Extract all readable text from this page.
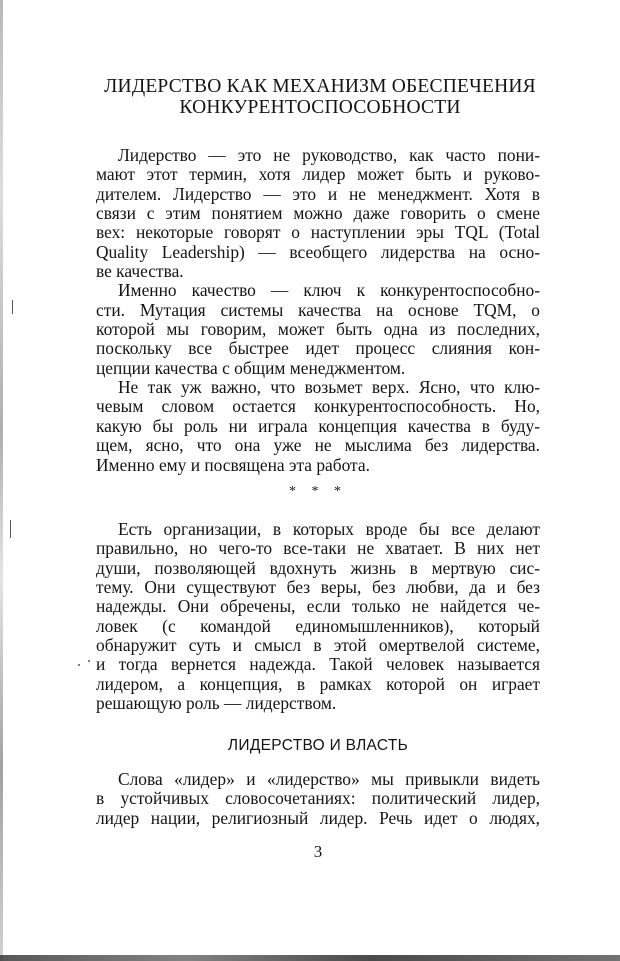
ЛИДЕРСТВО КАК МЕХАНИЗМ ОБЕСПЕЧЕНИЯ
КОНКУРЕНТОСПОСОБНОСТИ
Лидерство — это не руководство, как часто пони-
мают этот термин, хотя лидер может быть и руково-
дителем. Лидерство — это и не менеджмент. Хотя в
связи с этим понятием можно даже говорить о смене
вех: некоторые говорят о наступлении эры TQL (Total
Quality Leadership) — всеобщего лидерства на осно-
ве качества.
Именно качество — ключ к конкурентоспособно-
сти. Мутация системы качества на основе TQM, о
которой мы говорим, может быть одна из последних,
поскольку все быстрее идет процесс слияния кон-
цепции качества с общим менеджментом.
Не так уж важно, что возьмет верх. Ясно, что клю-
чевым словом остается конкурентоспособность. Но,
какую бы роль ни играла концепция качества в буду-
щем, ясно, что она уже не мыслима без лидерства.
Именно ему и посвящена эта работа.
* * *
Есть организации, в которых вроде бы все делают
правильно, но чего-то все-таки не хватает. В них нет
души, позволяющей вдохнуть жизнь в мертвую сис-
тему. Они существуют без веры, без любви, да и без
надежды. Они обречены, если только не найдется че-
ловек (с командой единомышленников), который
обнаружит суть и смысл в этой омертвелой системе,
и тогда вернется надежда. Такой человек называется
лидером, а концепция, в рамках которой он играет
решающую роль — лидерством.
ЛИДЕРСТВО И ВЛАСТЬ
Слова «лидер» и «лидерство» мы привыкли видеть
в устойчивых словосочетаниях: политический лидер,
лидер нации, религиозный лидер. Речь идет о людях,
3
